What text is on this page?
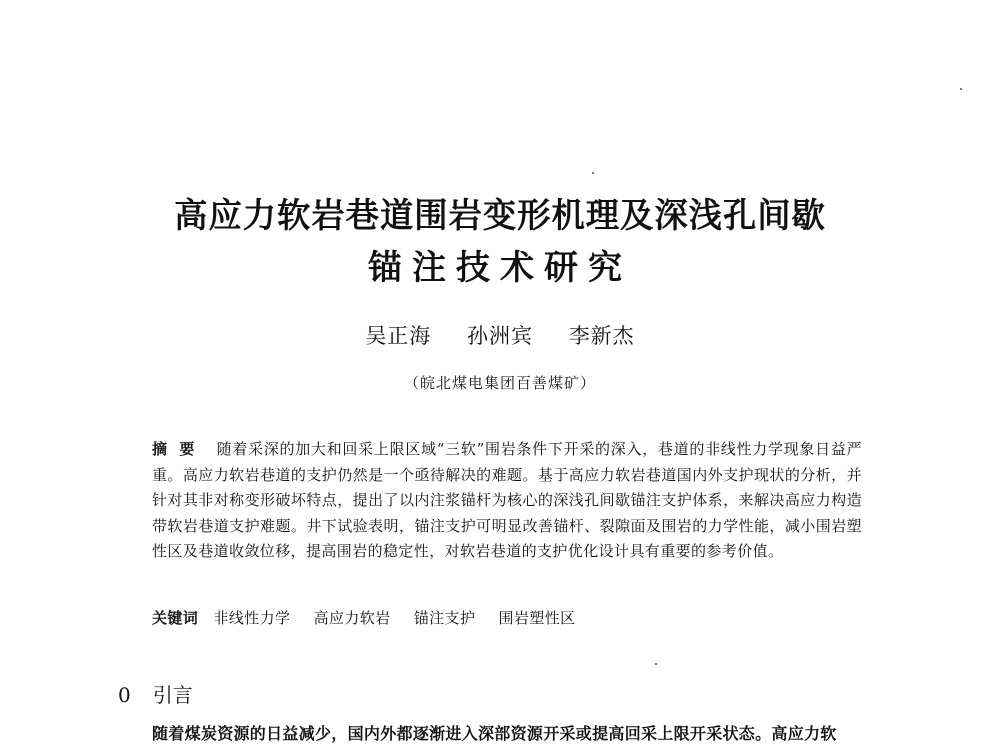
高应力软岩巷道围岩变形机理及深浅孔间歇
锚注技术研究
吴正海 孙洲宾 李新杰
（皖北煤电集团百善煤矿）
摘要 随着采深的加大和回采上限区域“三软”围岩条件下开采的深入，巷道的非线性力学现象日益严重。高应力软岩巷道的支护仍然是一个亟待解决的难题。基于高应力软岩巷道国内外支护现状的分析，并针对其非对称变形破坏特点，提出了以内注浆锚杆为核心的深浅孔间歇锚注支护体系，来解决高应力构造带软岩巷道支护难题。井下试验表明，锚注支护可明显改善锚杆、裂隙面及围岩的力学性能，减小围岩塑性区及巷道收敛位移，提高围岩的稳定性，对软岩巷道的支护优化设计具有重要的参考价值。
关键词 非线性力学 高应力软岩 锚注支护 围岩塑性区
0 引言
随着煤炭资源的日益减少，国内外都逐渐进入深部资源开采或提高回采上限开采状态。高应力软
